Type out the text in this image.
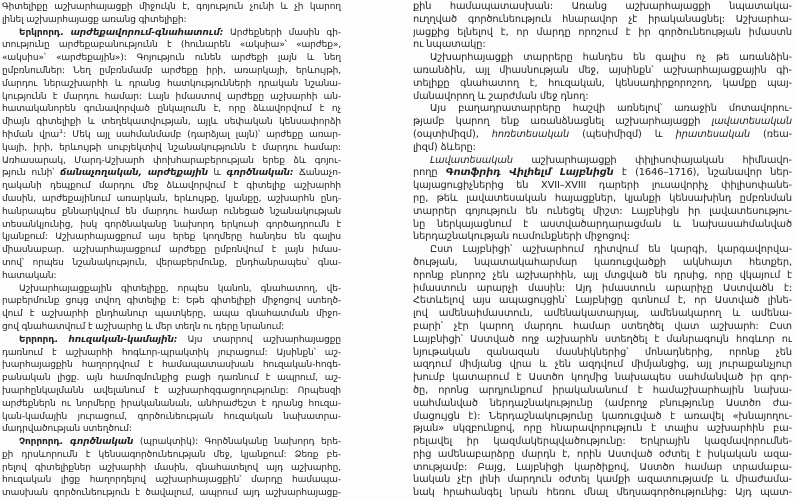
Գիտելիքը աշխարհայացքի միջուկն է, գոյություն չունի և չի կարող
լինել աշխարհայացք առանց գիտելիքի:
Երկրորդ. արժեքավորում-գնահատում: Արժեքների մասին գի-
տությունը արժեքաբանությունն է (հունարեն «ակսիա»՝ «արժեք»,
«ակսիս»՝ «արժեքային»): Գոյություն ունեն արժեքի լայն և նեղ
ըմբռնումներ: Նեղ ըմբռնմամբ արժեքը իրի, առարկայի, երևույթի,
մարդու ներաշխարհի և դրանց հատկությունների դրական նշանա-
կությունն է մարդու համար: Լայն իմաստով արժեքը աշխարհի ան-
հատականորեն գունավորված ընկալումն է, որը ձևավորվում է ոչ
միայն գիտելիքի և տեղեկատվության, այլև սեփական կենսափորձի
հիման վրա$^1$: Մեկ այլ սահմանմամբ (դարձյալ լայն)՝ արժեքը առար-
կայի, իրի, երևույթի սուբյեկտիվ նշանակությունն է մարդու համար:
Առհասարակ, Մարդ-Աշխարհ փոխհարաբերության երեք ձև գոյու-
թյուն ունի՝ ճանաչողական, արժեքային և գործնական: Ճանաչո-
ղականի դեպքում մարդու մեջ ձևավորվում է գիտելիք աշխարհի
մասին, արժեքայինում առարկան, երևույթը, կյանքը, աշխարհն ընդ-
հանրապես քննարկվում են մարդու համար ունեցած նշանակության
տեսանկյունից, իսկ գործնականը նախորդ երկուսի գործադրումն է
կյանքում: Աշխարհայացքում այս երեք կողմերը հանդես են գալիս
միասնաբար. աշխարհայացքում արժեքը ըմբռնվում է լայն իմաս-
տով՝ որպես նշանակություն, վերաբերմունք, ընդհանրապես՝ գնա-
հատական:
Աշխարհայացքային գիտելիքը, որպես կանոն, գնահատող, վե-
րաբերմունք ցույց տվող գիտելիք է: Եթե գիտելիքի միջոցով ստեղծ-
վում է աշխարհի ընդհանուր պատկերը, ապա գնահատման միջո-
ցով գնահատվում է աշխարհը և մեր տեղն ու դերը նրանում:
Երրորդ. հուզական-կամային: Այս տարրով աշխարհայացքը
դառնում է աշխարհի հոգևոր-պրակտիկ յուրացում: Այսինքն՝ աշ-
խարհայացքին հաղորդվում է համապատասխան հուզական-հոգե-
բանական լիցք. այն համոզմունքից բացի դառնում է ապրում, աշ-
խարհընկալմանն ավելանում է աշխարհզգացողությունը: Որպեսզի
արժեքներն ու նորմերը իրականանան, անհրաժեշտ է դրանց հուզա-
կան-կամային յուրացում, գործունեության հուզական նախատրա-
մադրվածության ստեղծում:
Չորրորդ. գործնական (պրակտիկ): Գործնականը նախորդ երե-
քի դրսևորումն է կենսագործունեության մեջ, կյանքում: Ձեռք բե-
րելով գիտելիքներ աշխարհի մասին, գնահատելով այդ աշխարհը,
հուզական լիցք հաղորդելով աշխարհայացքին՝ մարդը համապա-
տասխան գործունեություն է ծավալում, ապրում այդ աշխարհայացք-
քին համապատասխան: Առանց աշխարհայացքի նպատակա-
ուղղված գործունեություն հնարավոր չէ իրականացնել: Աշխարհա-
յացքից ելնելով է, որ մարդը որոշում է իր գործունեության իմաստն
ու նպատակը:
Աշխարհայացքի տարրերը հանդես են գալիս ոչ թե առանձին-
առանձին, այլ միասնության մեջ, այսինքն՝ աշխարհայացքային գի-
տելիքը գնահատող է, հուզական, կենսադիրքորոշող, կամքը պայ-
մանավորող և շարժման մեջ դնող:
Այս բաղադրատարրերը հաշվի առնելով՝ առաջին մոտավորու-
թյամբ կարող ենք առանձնացնել աշխարհայացքի լավատեսական
(օպտիմիզմ), հոռետեսական (պեսիմիզմ) և իրատեսական (ռեա-
լիզմ) ձևերը:
Լավատեսական աշխարհայացքի փիլիսոփայական հիմնավո-
րողը Գոտֆրիդ Վիլհելմ Լայբնիցն է (1646–1716), նշանավոր ներ-
կայացուցիչներից են XVII–XVIII դարերի լուսավորիչ փիլիսոփանե-
րը, թեև լավատեսական հայացքներ, կյանքի կենսախինդ ըմբռնման
տարրեր գոյություն են ունեցել միշտ: Լայբնիցն իր լավատեսությու-
նը ներկայացնում է աստվածարդարացման և նախասահմանված
ներդաշնակության ուսմունքների միջոցով:
Ըստ Լայբնիցի՝ աշխարհում դիտվում են կարգի, կարգավորվա-
ծության, նպատակահարմար կառուցվածքի ակնհայտ հետքեր,
որոնք բնորոշ չեն աշխարհին, այլ մտցված են դրսից, որը վկայում է
իմաստուն արարչի մասին: Այդ իմաստուն արարիչը Աստվածն է:
Հետևելով այս ապացույցին՝ Լայբնիցը գտնում է, որ Աստված լինե-
լով ամենաիմաստուն, ամենակատարյալ, ամենակարող և ամենա-
բարի՝ չէր կարող մարդու համար ստեղծել վատ աշխարհ: Ըստ
Լայբնիցի՝ Աստված ողջ աշխարհն ստեղծել է մանրագույն հոգևոր ու
նյութական զանազան մասնիկներից՝ մոնադներից, որոնք չեն
ազդում միմյանց վրա և չեն ազդվում միմյանցից, այլ յուրաքանչյուր
խումբ կատարում է Աստծո կողմից նախապես սահմանված իր գոր-
ծը, որոնց արդյունքում իրականանում է համաշխարհային նախա-
սահմանված ներդաշնակությունը (ամբողջ բնությունը Աստծո ժա-
մացույցն է): Ներդաշնակությունը կառուցված է առավել «խնայողու-
թյան» սկզբունքով, որը հնարավորություն է տալիս աշխարհին բա-
րելավել իր կազմակերպվածությունը: Երկրային կազմավորումնե-
րից ամենաբարձրը մարդն է, որին Աստված օժտել է իսկական ազա-
տությամբ: Բայց, Լայբնիցի կարծիքով, Աստծո համար տրամաբա-
նական չէր լինի մարդուն օժտել կամքի ազատությամբ և միաժամա-
նակ հրահանգել նրան հեռու մնալ մեղսագործությունից: Այդ պատ-
